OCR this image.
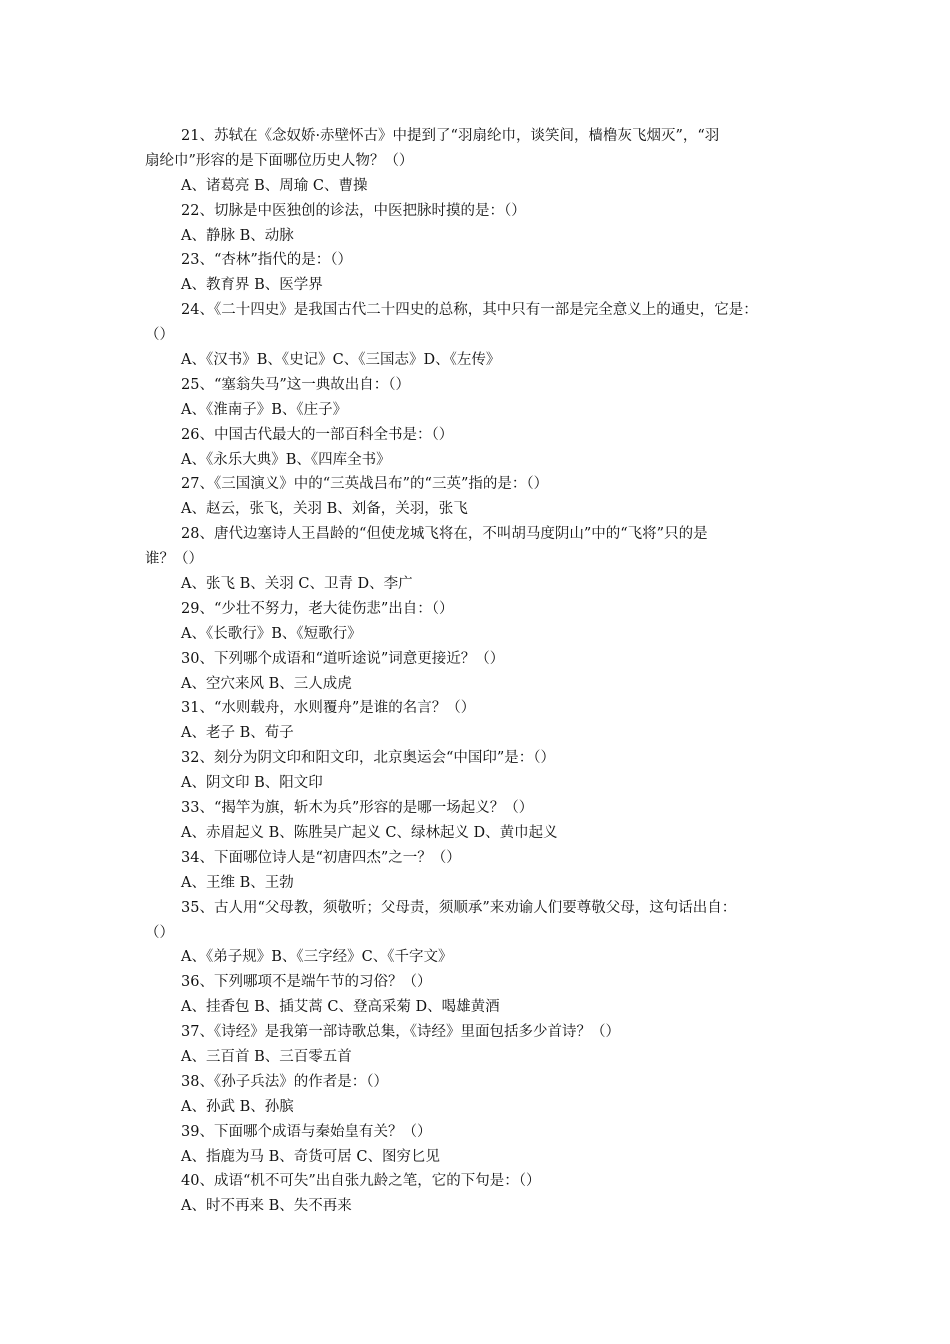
21、苏轼在《念奴娇·赤壁怀古》中提到了“羽扇纶巾，谈笑间，樯橹灰飞烟灭”，“羽
扇纶巾”形容的是下面哪位历史人物？（）
A、诸葛亮 B、周瑜 C、曹操
22、切脉是中医独创的诊法，中医把脉时摸的是：（）
A、静脉 B、动脉
23、“杏林”指代的是：（）
A、教育界 B、医学界
24、《二十四史》是我国古代二十四史的总称，其中只有一部是完全意义上的通史，它是：
（）
A、《汉书》B、《史记》C、《三国志》D、《左传》
25、“塞翁失马”这一典故出自：（）
A、《淮南子》B、《庄子》
26、中国古代最大的一部百科全书是：（）
A、《永乐大典》B、《四库全书》
27、《三国演义》中的“三英战吕布”的“三英”指的是：（）
A、赵云，张飞，关羽 B、刘备，关羽，张飞
28、唐代边塞诗人王昌龄的“但使龙城飞将在，不叫胡马度阴山”中的“飞将”只的是
谁？（）
A、张飞 B、关羽 C、卫青 D、李广
29、“少壮不努力，老大徒伤悲”出自：（）
A、《长歌行》B、《短歌行》
30、下列哪个成语和“道听途说”词意更接近？（）
A、空穴来风 B、三人成虎
31、“水则载舟，水则覆舟”是谁的名言？（）
A、老子 B、荀子
32、刻分为阴文印和阳文印，北京奥运会“中国印”是：（）
A、阴文印 B、阳文印
33、“揭竿为旗，斩木为兵”形容的是哪一场起义？（）
A、赤眉起义 B、陈胜吴广起义 C、绿林起义 D、黄巾起义
34、下面哪位诗人是“初唐四杰”之一？（）
A、王维 B、王勃
35、古人用“父母教，须敬听；父母责，须顺承”来劝谕人们要尊敬父母，这句话出自：
（）
A、《弟子规》B、《三字经》C、《千字文》
36、下列哪项不是端午节的习俗？（）
A、挂香包 B、插艾蒿 C、登高采菊 D、喝雄黄酒
37、《诗经》是我第一部诗歌总集，《诗经》里面包括多少首诗？（）
A、三百首 B、三百零五首
38、《孙子兵法》的作者是：（）
A、孙武 B、孙膑
39、下面哪个成语与秦始皇有关？（）
A、指鹿为马 B、奇货可居 C、图穷匕见
40、成语“机不可失”出自张九龄之笔，它的下句是：（）
A、时不再来 B、失不再来
